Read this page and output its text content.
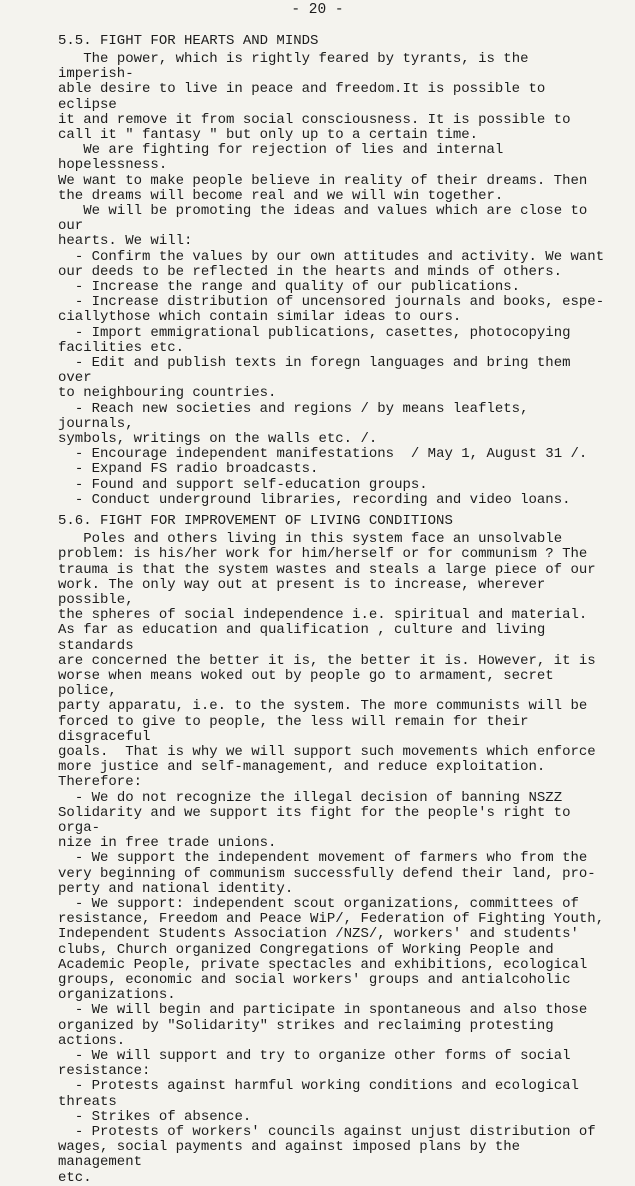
- 20 -
5.5. FIGHT FOR HEARTS AND MINDS
The power, which is rightly feared by tyrants, is the imperish-
able desire to live in peace and freedom.It is possible to eclipse
it and remove it from social consciousness. It is possible to
call it " fantasy " but only up to a certain time.
We are fighting for rejection of lies and internal hopelessness.
We want to make people believe in reality of their dreams. Then
the dreams will become real and we will win together.
We will be promoting the ideas and values which are close to our
hearts. We will:
- Confirm the values by our own attitudes and activity. We want
our deeds to be reflected in the hearts and minds of others.
- Increase the range and quality of our publications.
- Increase distribution of uncensored journals and books, espe-
ciallythose which contain similar ideas to ours.
- Import emmigrational publications, casettes, photocopying
facilities etc.
- Edit and publish texts in foregn languages and bring them over
to neighbouring countries.
- Reach new societies and regions / by means leaflets, journals,
symbols, writings on the walls etc. /.
- Encourage independent manifestations  / May 1, August 31 /.
- Expand FS radio broadcasts.
- Found and support self-education groups.
- Conduct underground libraries, recording and video loans.
5.6. FIGHT FOR IMPROVEMENT OF LIVING CONDITIONS
Poles and others living in this system face an unsolvable
problem: is his/her work for him/herself or for communism ? The
trauma is that the system wastes and steals a large piece of our
work. The only way out at present is to increase, wherever possible,
the spheres of social independence i.e. spiritual and material.
As far as education and qualification , culture and living standards
are concerned the better it is, the better it is. However, it is
worse when means woked out by people go to armament, secret police,
party apparatu, i.e. to the system. The more communists will be
forced to give to people, the less will remain for their disgraceful
goals.  That is why we will support such movements which enforce
more justice and self-management, and reduce exploitation. Therefore:
- We do not recognize the illegal decision of banning NSZZ
Solidarity and we support its fight for the people's right to orga-
nize in free trade unions.
- We support the independent movement of farmers who from the
very beginning of communism successfully defend their land, pro-
perty and national identity.
- We support: independent scout organizations, committees of
resistance, Freedom and Peace WiP/, Federation of Fighting Youth,
Independent Students Association /NZS/, workers' and students'
clubs, Church organized Congregations of Working People and
Academic People, private spectacles and exhibitions, ecological
groups, economic and social workers' groups and antialcoholic
organizations.
- We will begin and participate in spontaneous and also those
organized by "Solidarity" strikes and reclaiming protesting actions.
- We will support and try to organize other forms of social
resistance:
- Protests against harmful working conditions and ecological
threats
- Strikes of absence.
- Protests of workers' councils against unjust distribution of
wages, social payments and against imposed plans by the management
etc.
